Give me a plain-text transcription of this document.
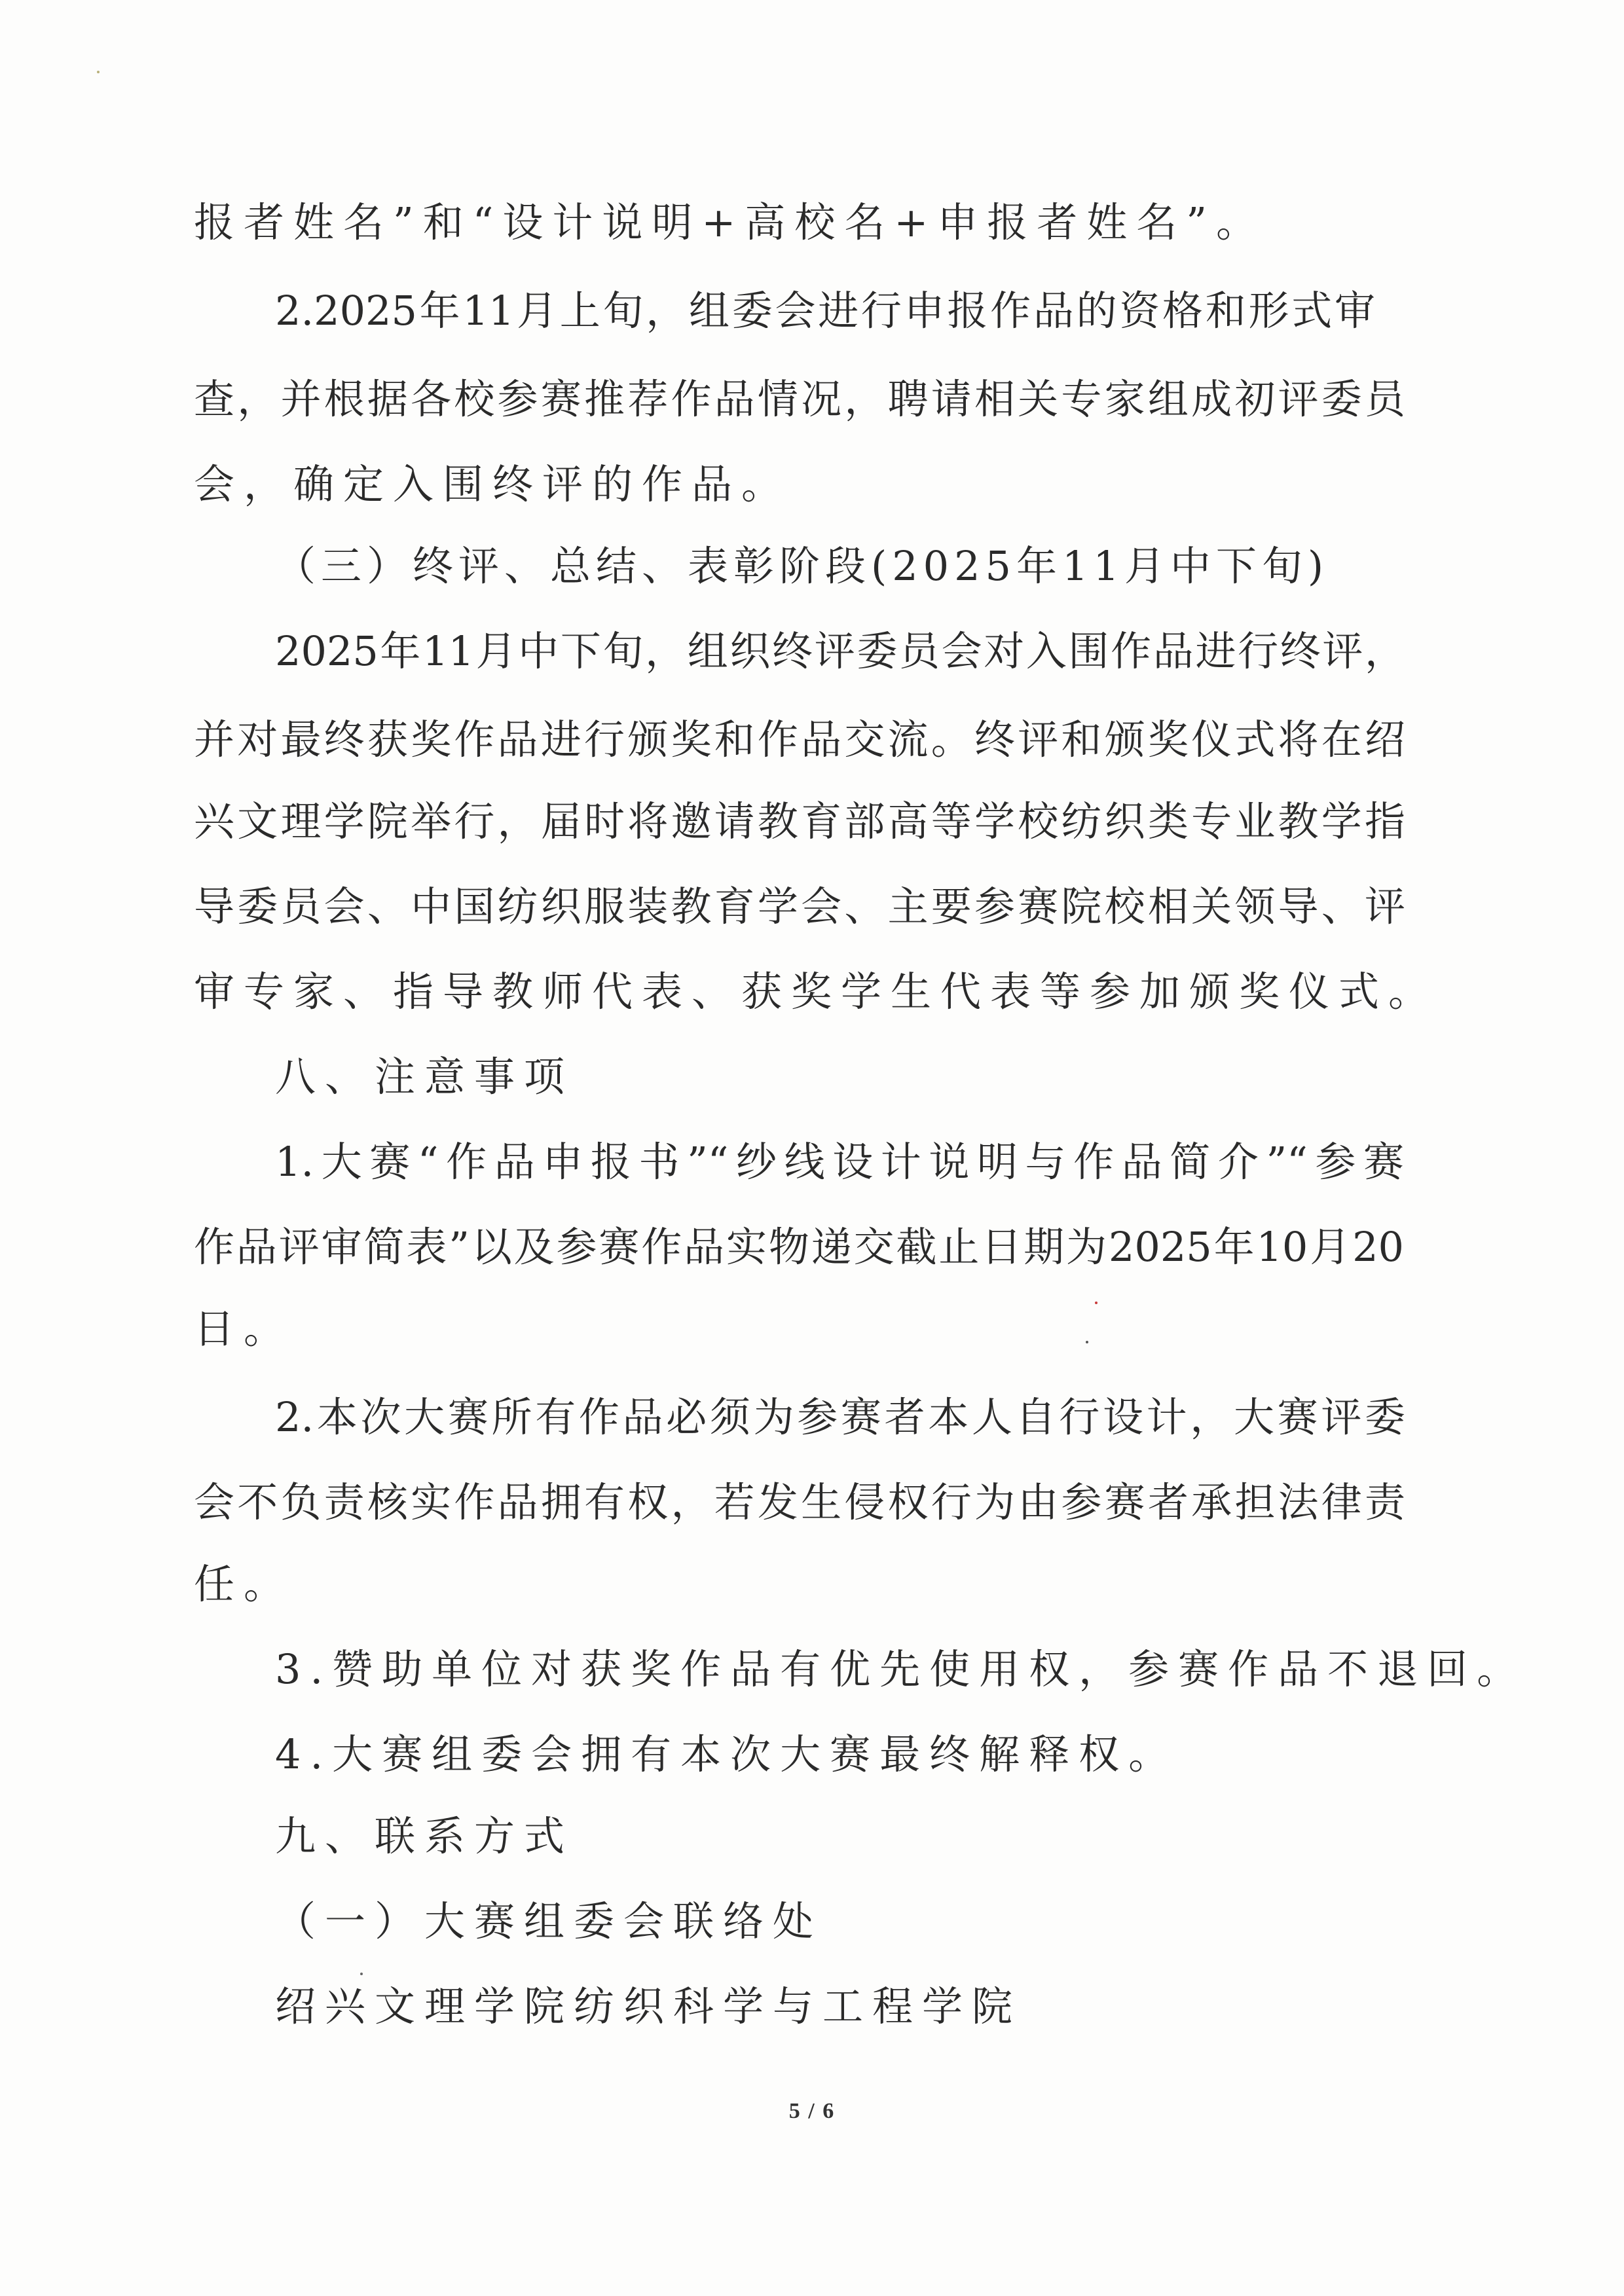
报者姓名”和“设计说明+高校名+申报者姓名”。

2.2025年11月上旬，组委会进行申报作品的资格和形式审

查，并根据各校参赛推荐作品情况，聘请相关专家组成初评委员

会，确定入围终评的作品。

（三）终评、总结、表彰阶段(2025年11月中下旬)

2025年11月中下旬，组织终评委员会对入围作品进行终评，

并对最终获奖作品进行颁奖和作品交流。终评和颁奖仪式将在绍

兴文理学院举行，届时将邀请教育部高等学校纺织类专业教学指

导委员会、中国纺织服装教育学会、主要参赛院校相关领导、评

审专家、指导教师代表、获奖学生代表等参加颁奖仪式。

八、注意事项

1.大赛“作品申报书”“纱线设计说明与作品简介”“参赛

作品评审简表”以及参赛作品实物递交截止日期为2025年10月20

日。

2.本次大赛所有作品必须为参赛者本人自行设计，大赛评委

会不负责核实作品拥有权，若发生侵权行为由参赛者承担法律责

任。

3.赞助单位对获奖作品有优先使用权，参赛作品不退回。

4.大赛组委会拥有本次大赛最终解释权。

九、联系方式

（一）大赛组委会联络处

绍兴文理学院纺织科学与工程学院

5 / 6
